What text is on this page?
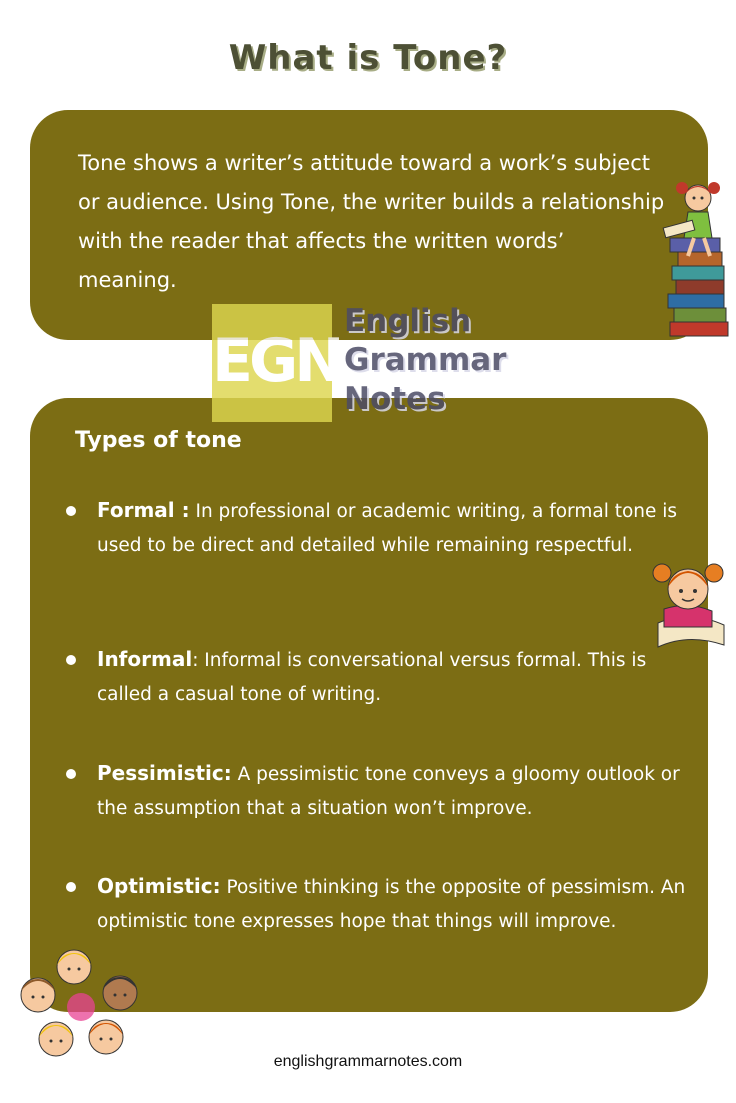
What is Tone?
Tone shows a writer’s attitude toward a work’s subject or audience. Using Tone, the writer builds a relationship with the reader that affects the written words’ meaning.
Types of tone
Formal : In professional or academic writing, a formal tone is used to be direct and detailed while remaining respectful.
Informal: Informal is conversational versus formal. This is called a casual tone of writing.
Pessimistic: A pessimistic tone conveys a gloomy outlook or the assumption that a situation won’t improve.
Optimistic: Positive thinking is the opposite of pessimism. An optimistic tone expresses hope that things will improve.
EGN
English
Grammar
Notes
englishgrammarnotes.com
